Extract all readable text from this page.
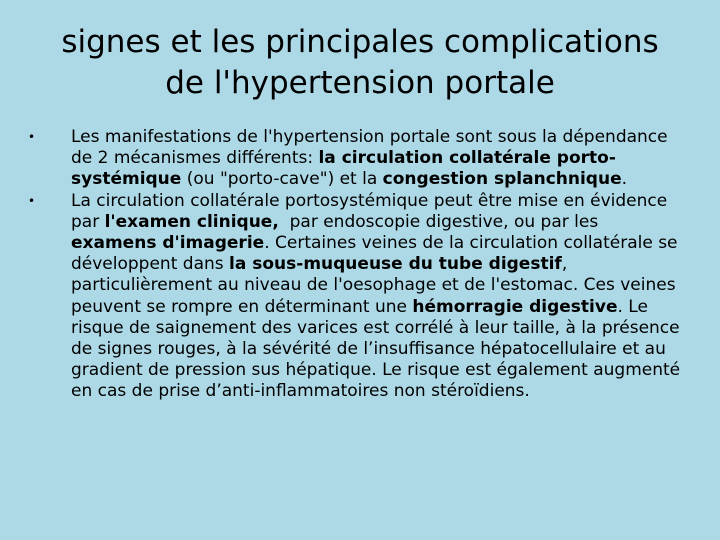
signes et les principales complications
de l'hypertension portale
• Les manifestations de l'hypertension portale sont sous la dépendance de 2 mécanismes différents: la circulation collatérale porto-systémique (ou "porto-cave") et la congestion splanchnique.
• La circulation collatérale portosystémique peut être mise en évidence par l'examen clinique,  par endoscopie digestive, ou par les examens d'imagerie. Certaines veines de la circulation collatérale se développent dans la sous-muqueuse du tube digestif, particulièrement au niveau de l'oesophage et de l'estomac. Ces veines peuvent se rompre en déterminant une hémorragie digestive. Le risque de saignement des varices est corrélé à leur taille, à la présence de signes rouges, à la sévérité de l’insuffisance hépatocellulaire et au gradient de pression sus hépatique. Le risque est également augmenté en cas de prise d’anti-inflammatoires non stéroïdiens.
